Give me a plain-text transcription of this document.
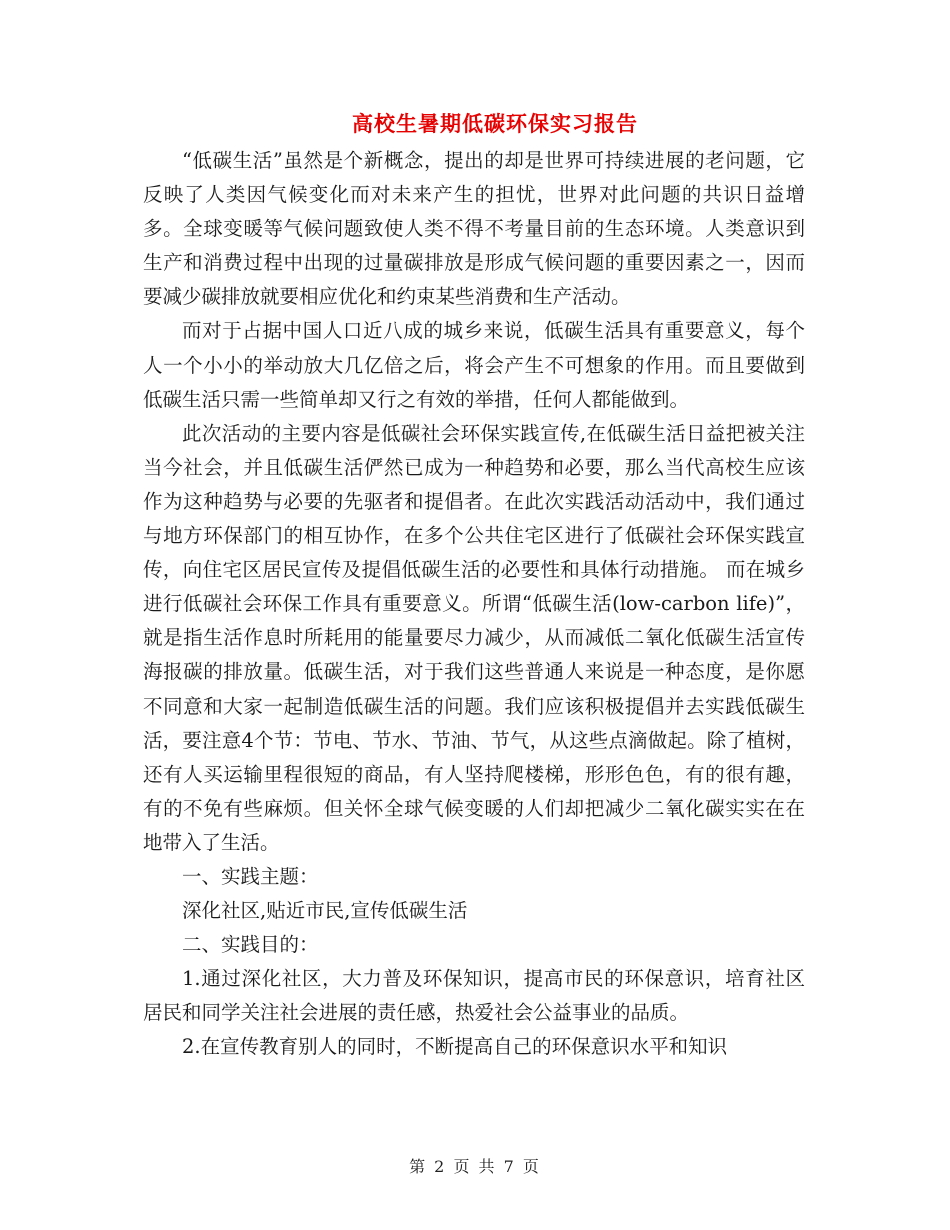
高校生暑期低碳环保实习报告

“低碳生活”虽然是个新概念，提出的却是世界可持续进展的老问题，它反映了人类因气候变化而对未来产生的担忧，世界对此问题的共识日益增多。全球变暖等气候问题致使人类不得不考量目前的生态环境。人类意识到生产和消费过程中出现的过量碳排放是形成气候问题的重要因素之一，因而要减少碳排放就要相应优化和约束某些消费和生产活动。

而对于占据中国人口近八成的城乡来说，低碳生活具有重要意义，每个人一个小小的举动放大几亿倍之后，将会产生不可想象的作用。而且要做到低碳生活只需一些简单却又行之有效的举措，任何人都能做到。

此次活动的主要内容是低碳社会环保实践宣传,在低碳生活日益把被关注当今社会，并且低碳生活俨然已成为一种趋势和必要，那么当代高校生应该作为这种趋势与必要的先驱者和提倡者。在此次实践活动活动中，我们通过与地方环保部门的相互协作，在多个公共住宅区进行了低碳社会环保实践宣传，向住宅区居民宣传及提倡低碳生活的必要性和具体行动措施。 而在城乡进行低碳社会环保工作具有重要意义。所谓“低碳生活(low-carbon life)”，就是指生活作息时所耗用的能量要尽力减少，从而减低二氧化低碳生活宣传海报碳的排放量。低碳生活，对于我们这些普通人来说是一种态度，是你愿不同意和大家一起制造低碳生活的问题。我们应该积极提倡并去实践低碳生活，要注意4个节：节电、节水、节油、节气，从这些点滴做起。除了植树，还有人买运输里程很短的商品，有人坚持爬楼梯，形形色色，有的很有趣，有的不免有些麻烦。但关怀全球气候变暖的人们却把减少二氧化碳实实在在地带入了生活。

一、实践主题：

深化社区,贴近市民,宣传低碳生活

二、实践目的：

1.通过深化社区，大力普及环保知识，提高市民的环保意识，培育社区居民和同学关注社会进展的责任感，热爱社会公益事业的品质。

2.在宣传教育别人的同时，不断提高自己的环保意识水平和知识

第 2 页 共 7 页
